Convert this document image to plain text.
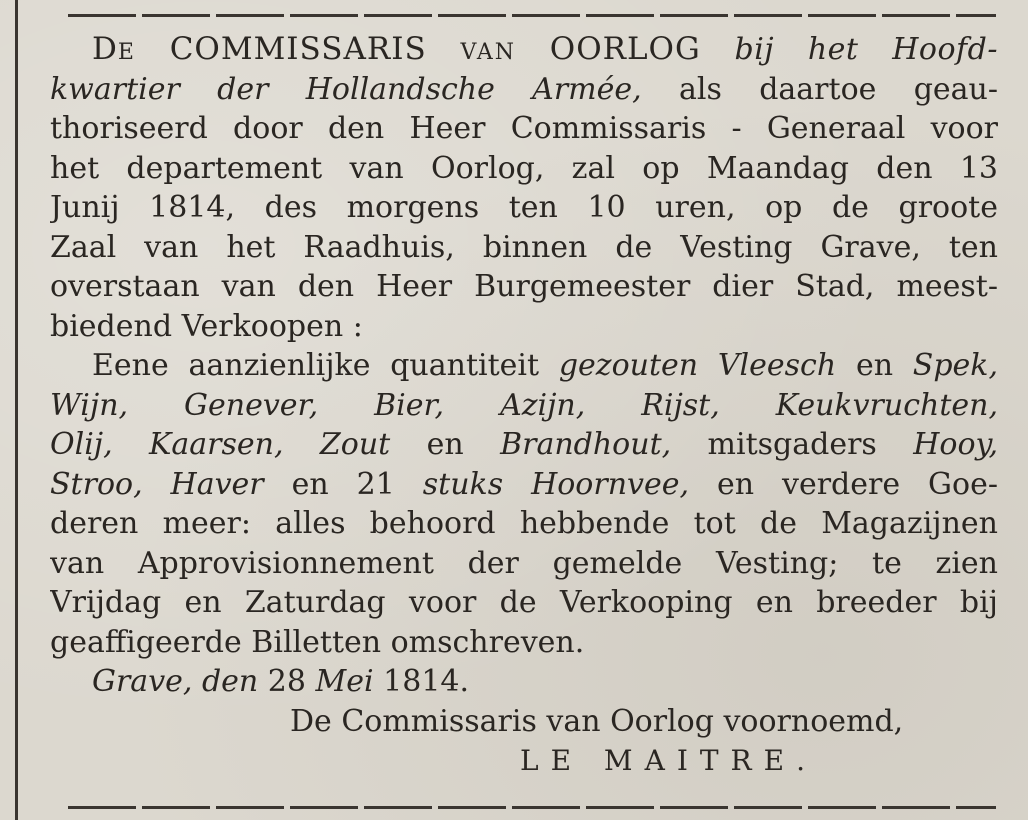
DE COMMISSARIS VAN OORLOG bij het Hoofd-
kwartier der Hollandsche Armée, als daartoe geau-
thoriseerd door den Heer Commissaris - Generaal voor
het departement van Oorlog, zal op Maandag den 13
Junij 1814, des morgens ten 10 uren, op de groote
Zaal van het Raadhuis, binnen de Vesting Grave, ten
overstaan van den Heer Burgemeester dier Stad, meest-
biedend Verkoopen :
Eene aanzienlijke quantiteit gezouten Vleesch en Spek,
Wijn, Genever, Bier, Azijn, Rijst, Keukvruchten,
Olij, Kaarsen, Zout en Brandhout, mitsgaders Hooy,
Stroo, Haver en 21 stuks Hoornvee, en verdere Goe-
deren meer: alles behoord hebbende tot de Magazijnen
van Approvisionnement der gemelde Vesting; te zien
Vrijdag en Zaturdag voor de Verkooping en breeder bij
geaffigeerde Billetten omschreven.
Grave, den 28 Mei 1814.
De Commissaris van Oorlog voornoemd,
LE MAITRE.
